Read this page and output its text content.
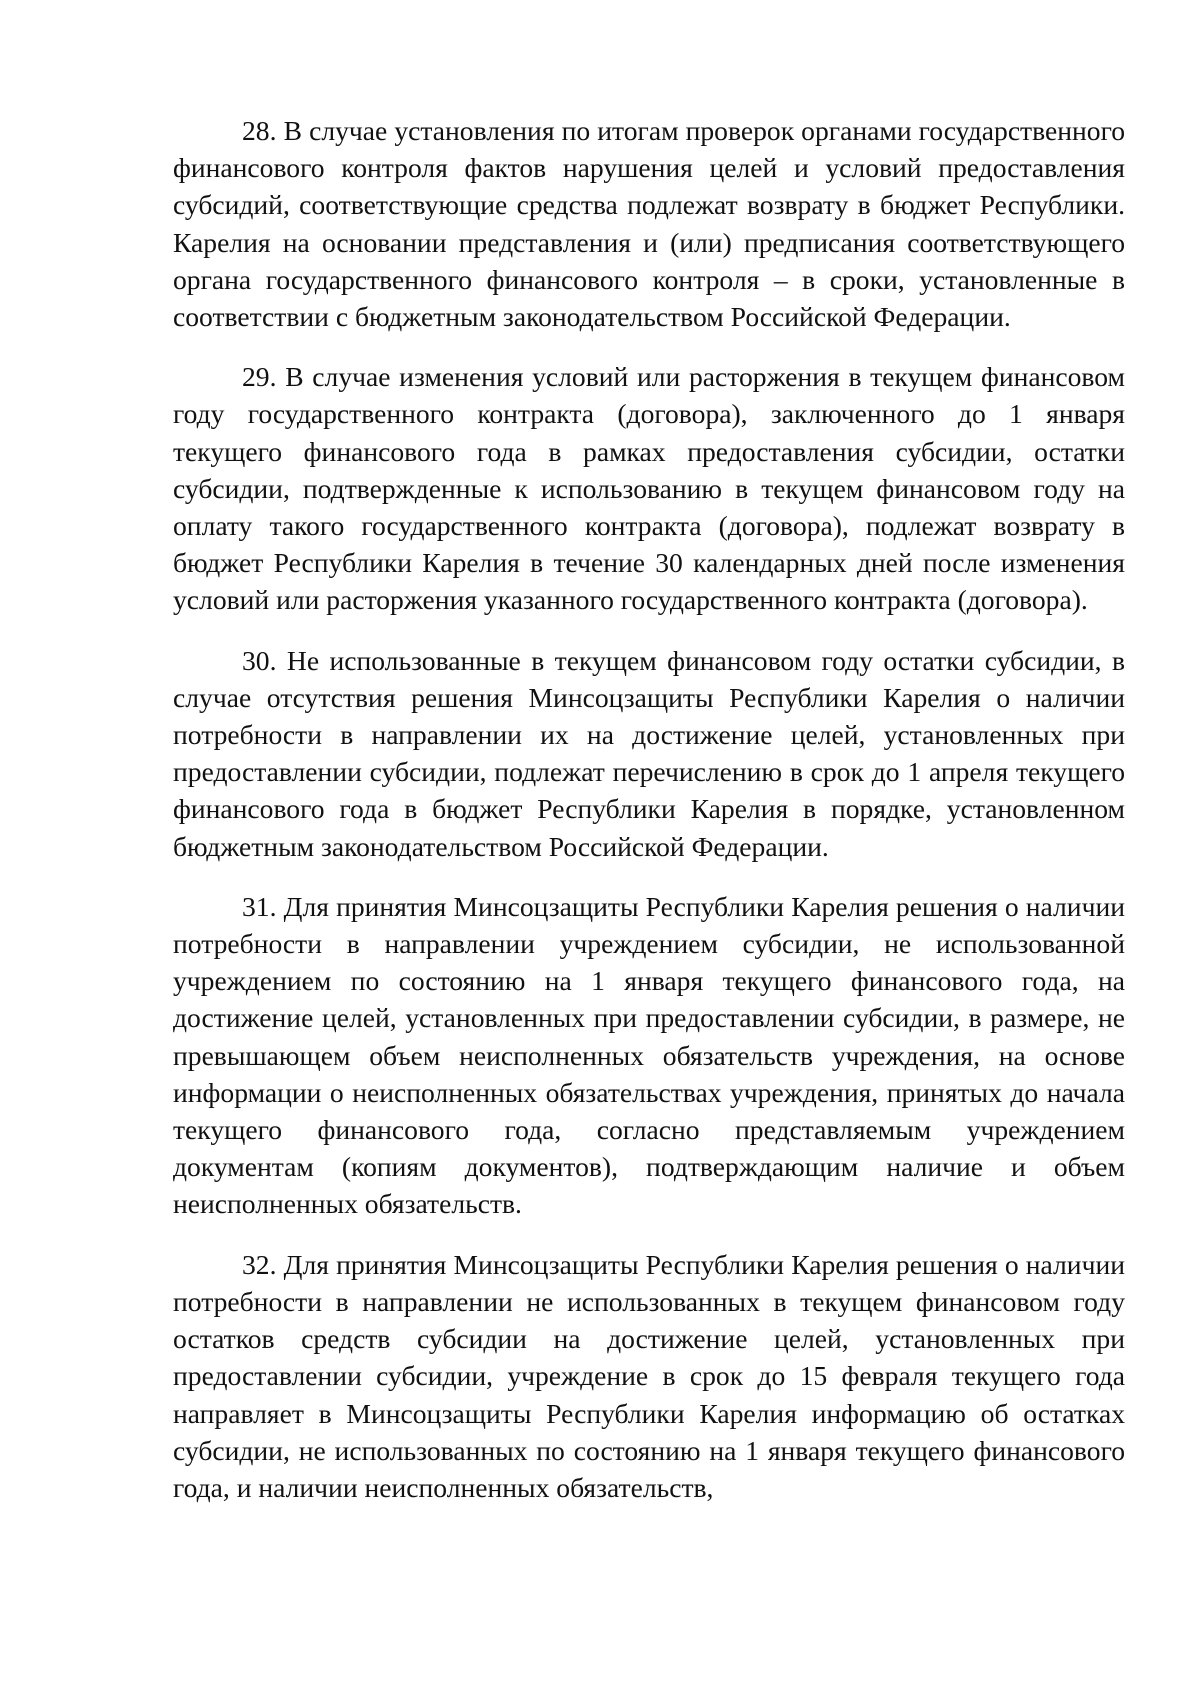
28. В случае установления по итогам проверок органами государственного финансового контроля фактов нарушения целей и условий предоставления субсидий, соответствующие средства подлежат возврату в бюджет Республики. Карелия на основании представления и (или) предписания соответствующего органа государственного финансового контроля – в сроки, установленные в соответствии с бюджетным законодательством Российской Федерации.

29. В случае изменения условий или расторжения в текущем финансовом году государственного контракта (договора), заключенного до 1 января текущего финансового года в рамках предоставления субсидии, остатки субсидии, подтвержденные к использованию в текущем финансовом году на оплату такого государственного контракта (договора), подлежат возврату в бюджет Республики Карелия в течение 30 календарных дней после изменения условий или расторжения указанного государственного контракта (договора).

30. Не использованные в текущем финансовом году остатки субсидии, в случае отсутствия решения Минсоцзащиты Республики Карелия о наличии потребности в направлении их на достижение целей, установленных при предоставлении субсидии, подлежат перечислению в срок до 1 апреля текущего финансового года в бюджет Республики Карелия в порядке, установленном бюджетным законодательством Российской Федерации.

31. Для принятия Минсоцзащиты Республики Карелия решения о наличии потребности в направлении учреждением субсидии, не использованной учреждением по состоянию на 1 января текущего финансового года, на достижение целей, установленных при предоставлении субсидии, в размере, не превышающем объем неисполненных обязательств учреждения, на основе информации о неисполненных обязательствах учреждения, принятых до начала текущего финансового года, согласно представляемым учреждением документам (копиям документов), подтверждающим наличие и объем неисполненных обязательств.

32. Для принятия Минсоцзащиты Республики Карелия решения о наличии потребности в направлении не использованных в текущем финансовом году остатков средств субсидии на достижение целей, установленных при предоставлении субсидии, учреждение в срок до 15 февраля текущего года направляет в Минсоцзащиты Республики Карелия информацию об остатках субсидии, не использованных по состоянию на 1 января текущего финансового года, и наличии неисполненных обязательств,
